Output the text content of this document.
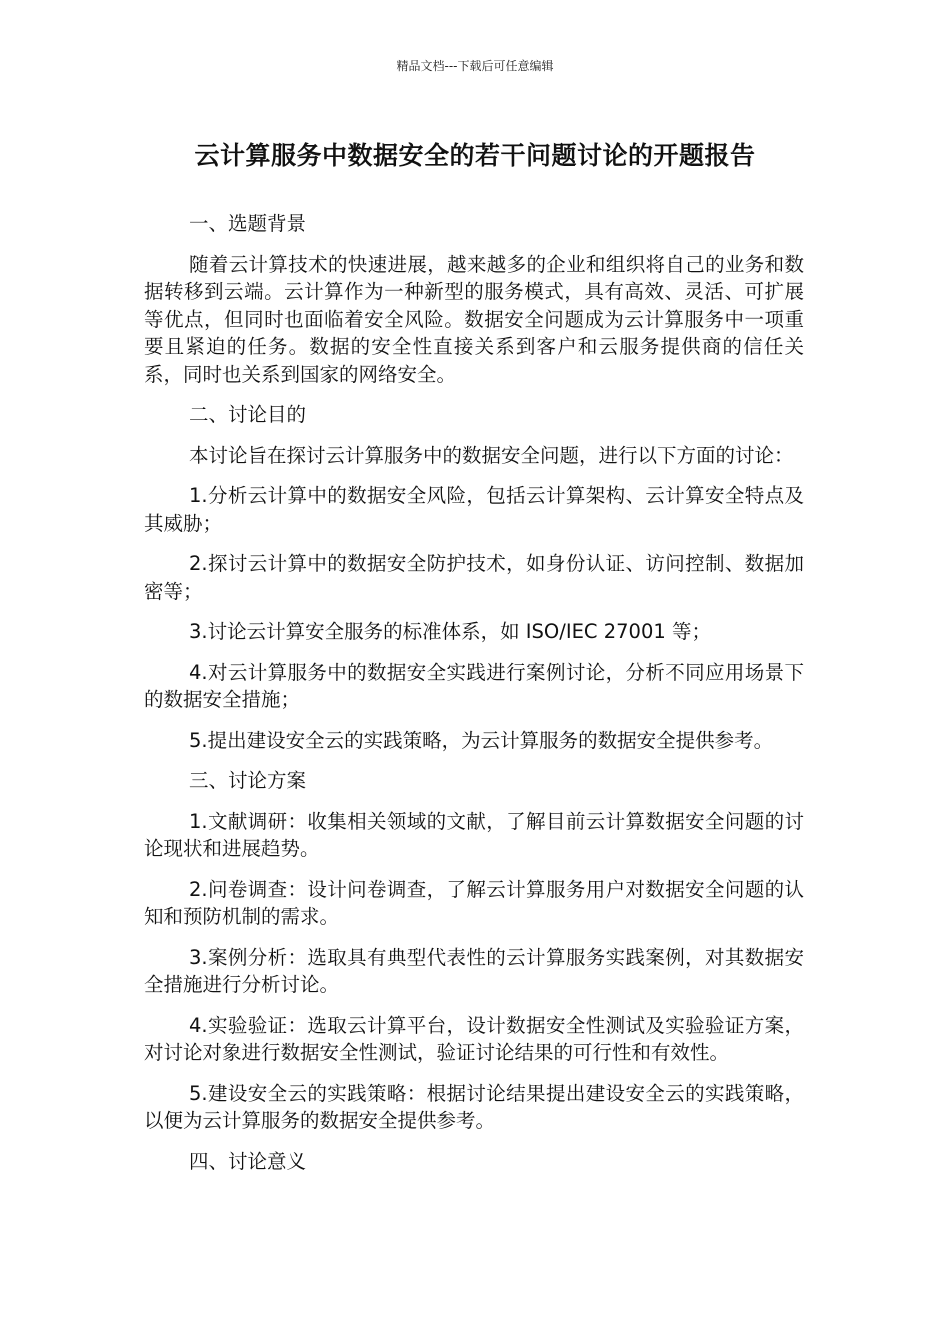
精品文档---下载后可任意编辑
云计算服务中数据安全的若干问题讨论的开题报告
一、选题背景

随着云计算技术的快速进展，越来越多的企业和组织将自己的业务和数据转移到云端。云计算作为一种新型的服务模式，具有高效、灵活、可扩展等优点，但同时也面临着安全风险。数据安全问题成为云计算服务中一项重要且紧迫的任务。数据的安全性直接关系到客户和云服务提供商的信任关系，同时也关系到国家的网络安全。

二、讨论目的

本讨论旨在探讨云计算服务中的数据安全问题，进行以下方面的讨论：

1.分析云计算中的数据安全风险，包括云计算架构、云计算安全特点及其威胁；

2.探讨云计算中的数据安全防护技术，如身份认证、访问控制、数据加密等；

3.讨论云计算安全服务的标准体系，如 ISO/IEC 27001 等；

4.对云计算服务中的数据安全实践进行案例讨论，分析不同应用场景下的数据安全措施；

5.提出建设安全云的实践策略，为云计算服务的数据安全提供参考。

三、讨论方案

1.文献调研：收集相关领域的文献，了解目前云计算数据安全问题的讨论现状和进展趋势。

2.问卷调查：设计问卷调查，了解云计算服务用户对数据安全问题的认知和预防机制的需求。

3.案例分析：选取具有典型代表性的云计算服务实践案例，对其数据安全措施进行分析讨论。

4.实验验证：选取云计算平台，设计数据安全性测试及实验验证方案，对讨论对象进行数据安全性测试，验证讨论结果的可行性和有效性。

5.建设安全云的实践策略：根据讨论结果提出建设安全云的实践策略，以便为云计算服务的数据安全提供参考。

四、讨论意义
